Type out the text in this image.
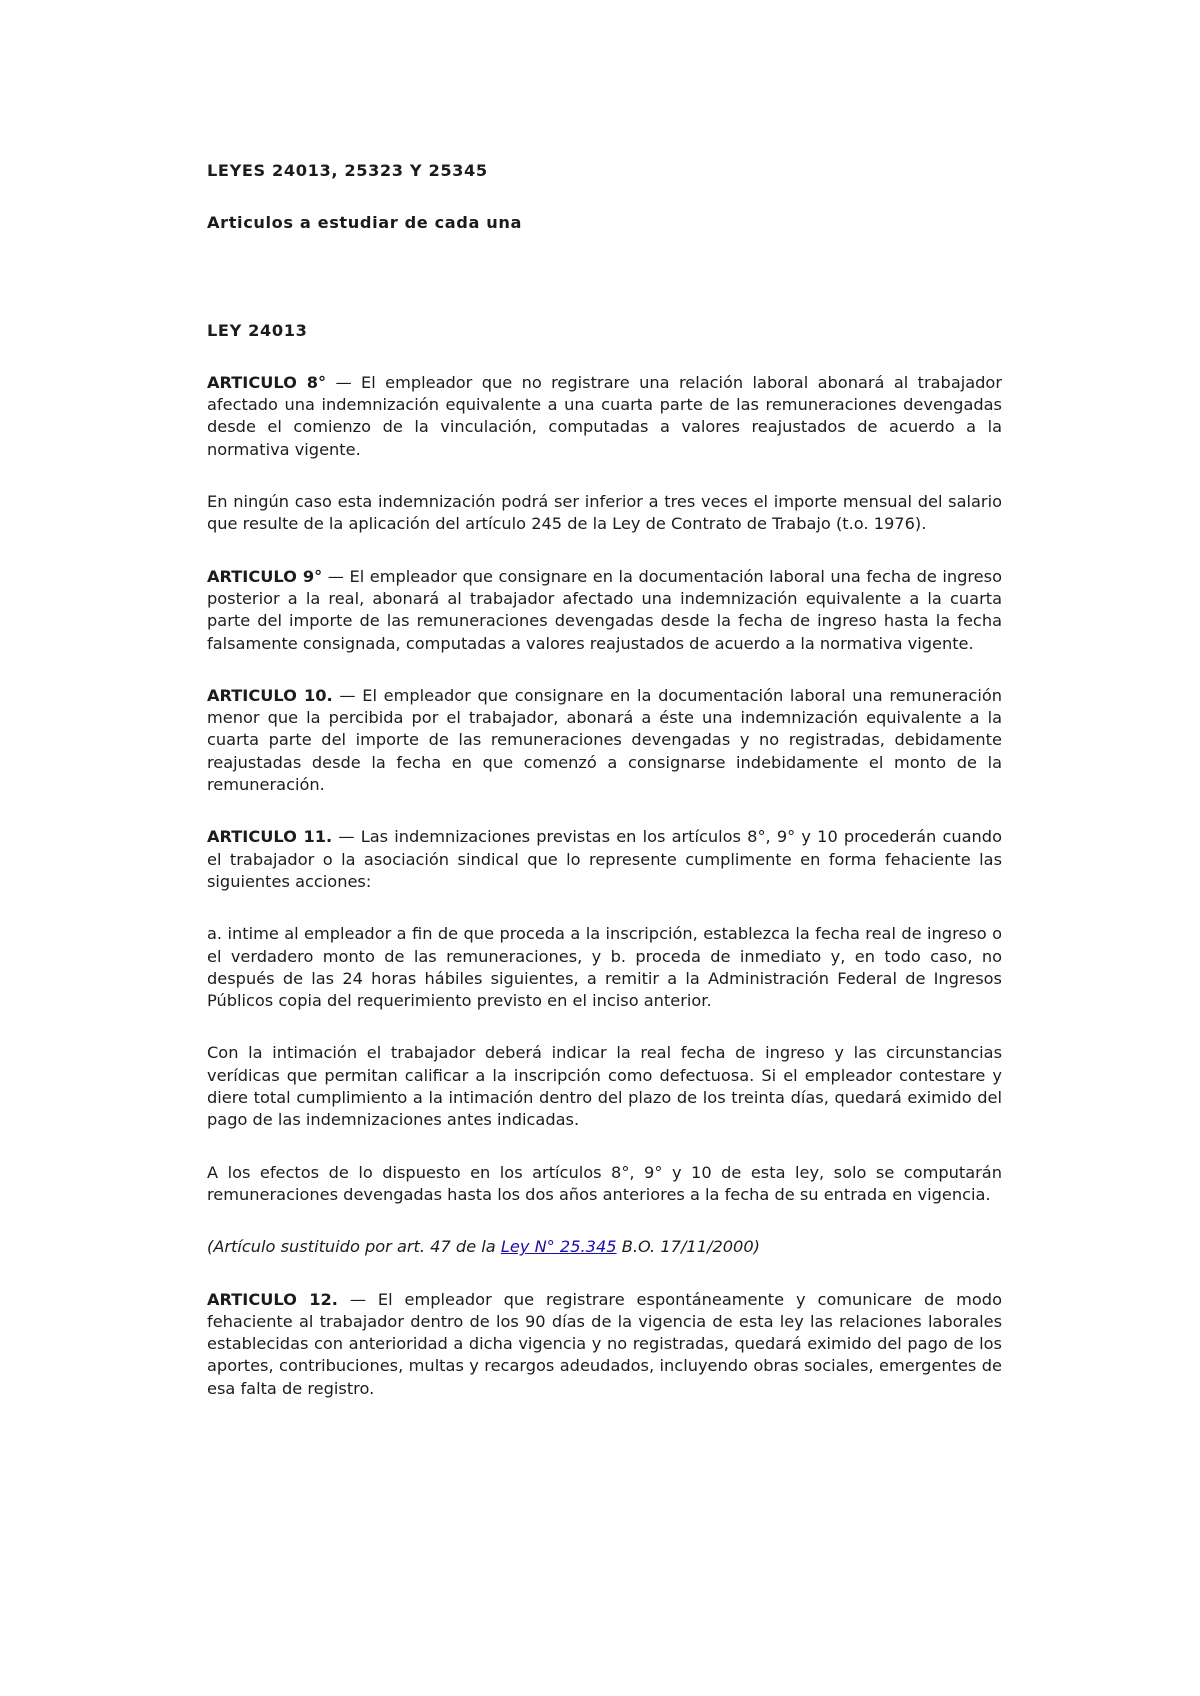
LEYES 24013, 25323 Y 25345
Articulos a estudiar de cada una
LEY 24013

ARTICULO 8° — El empleador que no registrare una relación laboral abonará al trabajador afectado una indemnización equivalente a una cuarta parte de las remuneraciones devengadas desde el comienzo de la vinculación, computadas a valores reajustados de acuerdo a la normativa vigente.

En ningún caso esta indemnización podrá ser inferior a tres veces el importe mensual del salario que resulte de la aplicación del artículo 245 de la Ley de Contrato de Trabajo (t.o. 1976).

ARTICULO 9° — El empleador que consignare en la documentación laboral una fecha de ingreso posterior a la real, abonará al trabajador afectado una indemnización equivalente a la cuarta parte del importe de las remuneraciones devengadas desde la fecha de ingreso hasta la fecha falsamente consignada, computadas a valores reajustados de acuerdo a la normativa vigente.

ARTICULO 10. — El empleador que consignare en la documentación laboral una remuneración menor que la percibida por el trabajador, abonará a éste una indemnización equivalente a la cuarta parte del importe de las remuneraciones devengadas y no registradas, debidamente reajustadas desde la fecha en que comenzó a consignarse indebidamente el monto de la remuneración.

ARTICULO 11. — Las indemnizaciones previstas en los artículos 8°, 9° y 10 procederán cuando el trabajador o la asociación sindical que lo represente cumplimente en forma fehaciente las siguientes acciones:

a. intime al empleador a fin de que proceda a la inscripción, establezca la fecha real de ingreso o el verdadero monto de las remuneraciones, y b. proceda de inmediato y, en todo caso, no después de las 24 horas hábiles siguientes, a remitir a la Administración Federal de Ingresos Públicos copia del requerimiento previsto en el inciso anterior.

Con la intimación el trabajador deberá indicar la real fecha de ingreso y las circunstancias verídicas que permitan calificar a la inscripción como defectuosa. Si el empleador contestare y diere total cumplimiento a la intimación dentro del plazo de los treinta días, quedará eximido del pago de las indemnizaciones antes indicadas.

A los efectos de lo dispuesto en los artículos 8°, 9° y 10 de esta ley, solo se computarán remuneraciones devengadas hasta los dos años anteriores a la fecha de su entrada en vigencia.

(Artículo sustituido por art. 47 de la Ley N° 25.345 B.O. 17/11/2000)

ARTICULO 12. — El empleador que registrare espontáneamente y comunicare de modo fehaciente al trabajador dentro de los 90 días de la vigencia de esta ley las relaciones laborales establecidas con anterioridad a dicha vigencia y no registradas, quedará eximido del pago de los aportes, contribuciones, multas y recargos adeudados, incluyendo obras sociales, emergentes de esa falta de registro.
